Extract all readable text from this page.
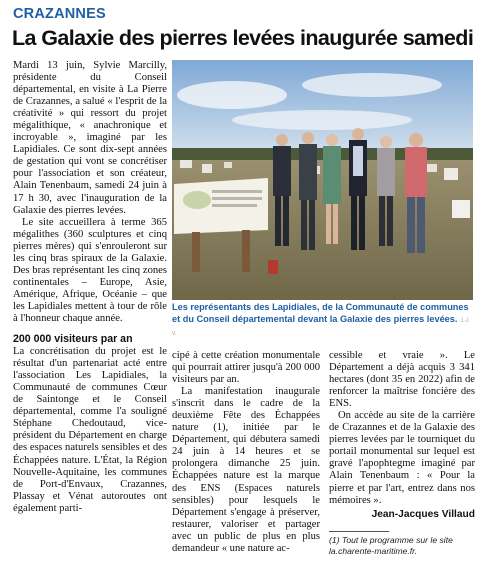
CRAZANNES
La Galaxie des pierres levées inaugurée samedi

Mardi 13 juin, Sylvie Marcilly, présidente du Conseil départemental, en visite à La Pierre de Crazannes, a salué « l'esprit de la créativité » qui ressort du projet mégalithique, « anachronique et incroyable », imaginé par les Lapidiales. Ce sont dix-sept années de gestation qui vont se concrétiser pour l'association et son créateur, Alain Tenenbaum, samedi 24 juin à 17 h 30, avec l'inauguration de la Galaxie des pierres levées.

Le site accueillera à terme 365 mégalithes (360 sculptures et cinq pierres mères) qui s'enrouleront sur les cinq bras spiraux de la Galaxie. Des bras représentant les cinq zones continentales – Europe, Asie, Amérique, Afrique, Océanie – que les Lapidiales mettent à tour de rôle à l'honneur chaque année.

200 000 visiteurs par an

La concrétisation du projet est le résultat d'un partenariat acté entre l'association Les Lapidiales, la Communauté de communes Cœur de Saintonge et le Conseil départemental, comme l'a souligné Stéphane Chedoutaud, vice-président du Département en charge des espaces naturels sensibles et des Échappées nature. L'État, la Région Nouvelle-Aquitaine, les communes de Port-d'Envaux, Crazannes, Plassay et Vénat autoroutes ont également parti-

Les représentants des Lapidiales, de la Communauté de communes et du Conseil départemental devant la Galaxie des pierres levées. J.-J. V.

cipé à cette création monumentale qui pourrait attirer jusqu'à 200 000 visiteurs par an.

La manifestation inaugurale s'inscrit dans le cadre de la deuxième Fête des Échappées nature (1), initiée par le Département, qui débutera samedi 24 juin à 14 heures et se prolongera dimanche 25 juin. Échappées nature est la marque des ENS (Espaces naturels sensibles) pour lesquels le Département s'engage à préserver, restaurer, valoriser et partager avec un public de plus en plus demandeur « une nature ac-

cessible et vraie ». Le Département a déjà acquis 3 341 hectares (dont 35 en 2022) afin de renforcer la maîtrise foncière des ENS.

On accède au site de la carrière de Crazannes et de la Galaxie des pierres levées par le tourniquet du portail monumental sur lequel est gravé l'apophtegme imaginé par Alain Tenenbaum : « Pour la pierre et par l'art, entrez dans nos mémoires ».

Jean-Jacques Villaud

(1) Tout le programme sur le site la.charente-maritime.fr.
